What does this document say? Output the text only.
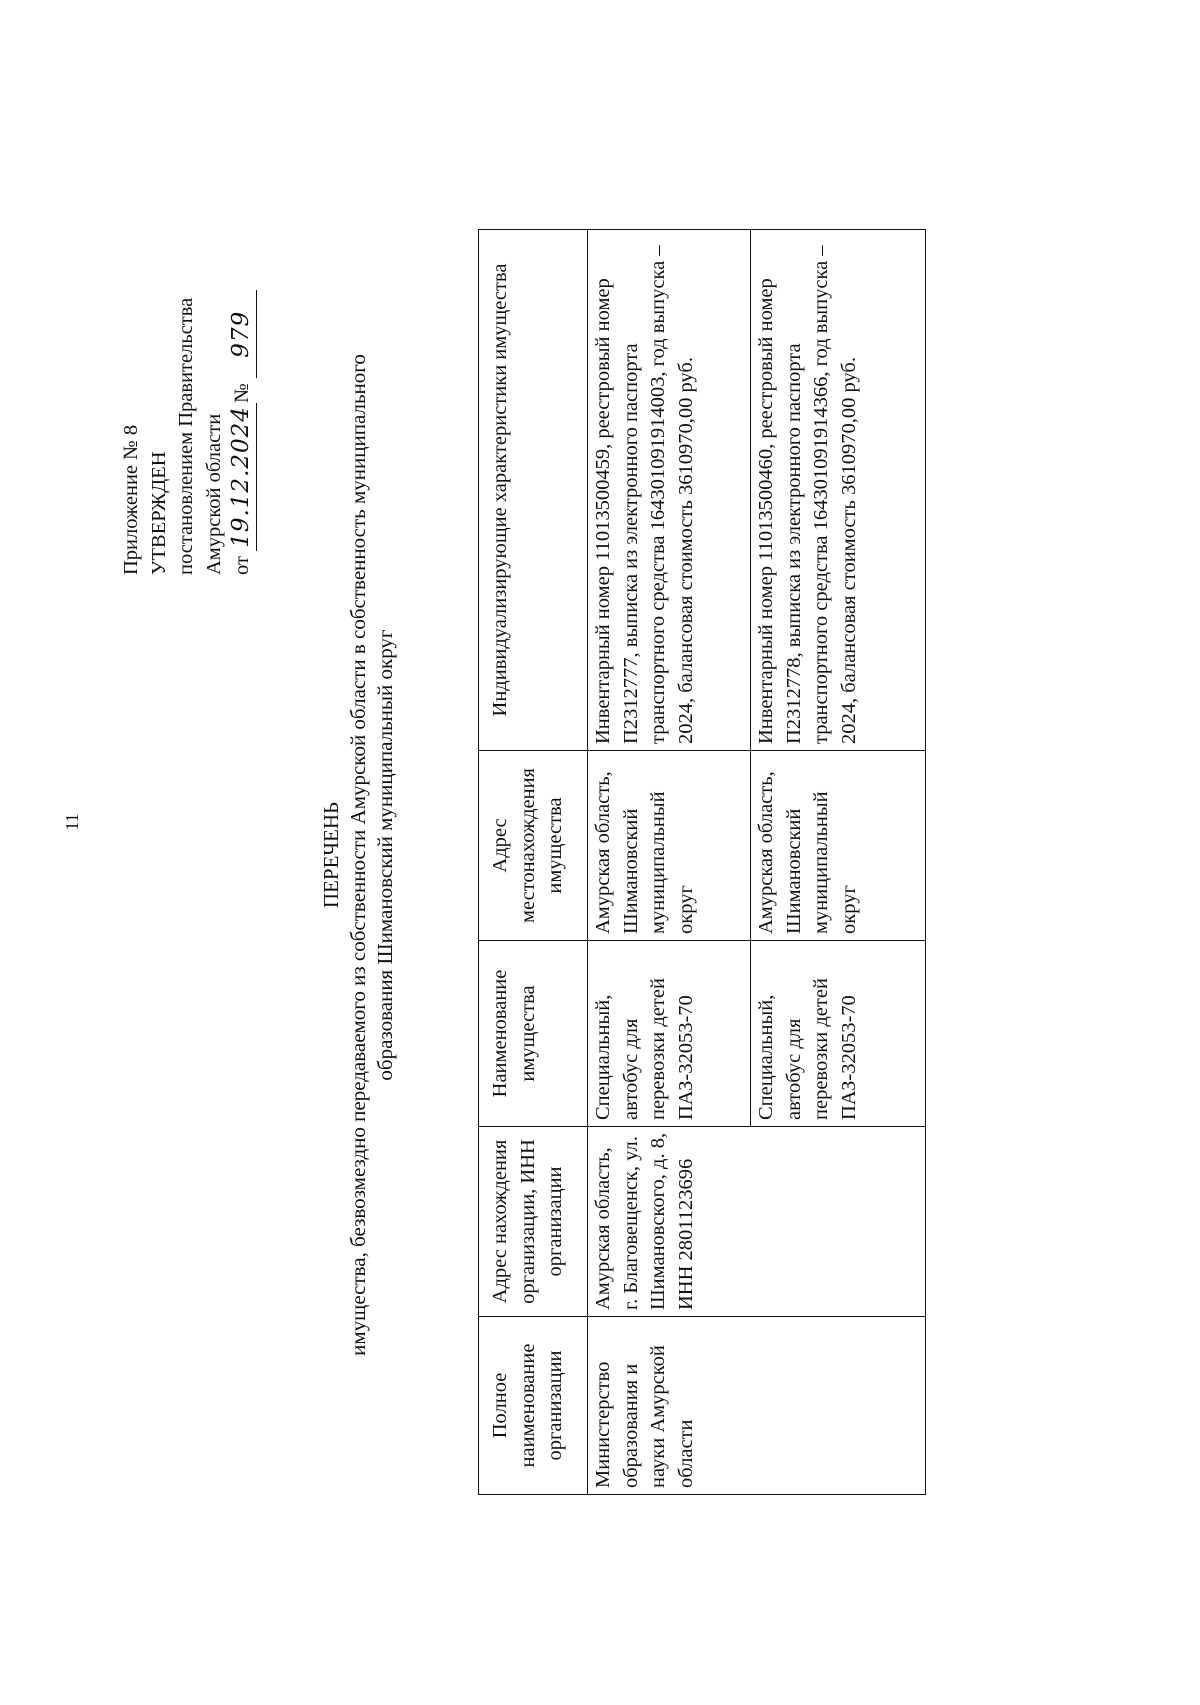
11
Приложение № 8 УТВЕРЖДЕН постановлением Правительства Амурской области от 19.12.2024№ 979
ПЕРЕЧЕНЬ имущества, безвозмездно передаваемого из собственности Амурской области в собственность муниципального образования Шимановский муниципальный округ
Полное наименование организации	Адрес нахождения организации, ИНН организации	Наименование имущества	Адрес местонахождения имущества	Индивидуализирующие характеристики имущества
Министерство образования и науки Амурской области	Амурская область, г. Благовещенск, ул. Шимановского, д. 8, ИНН 2801123696	Специальный, автобус для перевозки детей ПАЗ-32053-70	Амурская область, Шимановский муниципальный округ	Инвентарный номер 11013500459, реестровый номер П2312777, выписка из электронного паспорта транспортного средства 164301091914003, год выпуска – 2024, балансовая стоимость 3610970,00 руб.
		Специальный, автобус для перевозки детей ПАЗ-32053-70	Амурская область, Шимановский муниципальный округ	Инвентарный номер 11013500460, реестровый номер П2312778, выписка из электронного паспорта транспортного средства 164301091914366, год выпуска – 2024, балансовая стоимость 3610970,00 руб.
